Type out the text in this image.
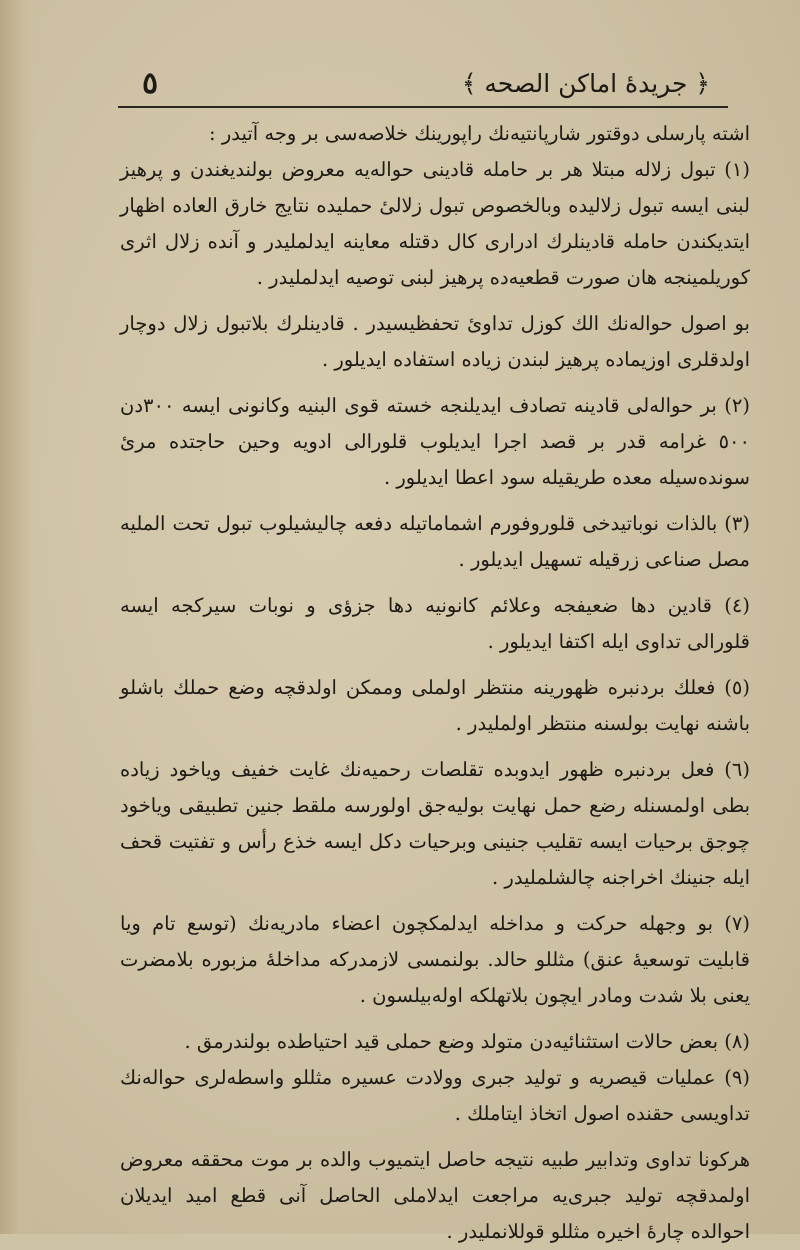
٥	﴿ جريدهٔ اماكن الصحه ﴾

اشته پارسلی دوقتور شارپانتیه‌نك راپورینك خلاصه‌سی بر وجه آتیدر :

(١) تبول زلاله مبتلا هر بر حامله قادینی حواله‌یه معروض بولندیغندن و پرهیز لبنی ایسه تبول زلالیده وبالخصوص تبول زلالیٔ حملیده نتایج خارق العاده اظهار ایتدیکندن حامله قادینلرك ادراری كال دقتله معاینه ایدلملیدر و آنده زلال اثری كوریلمینجه هان صورت قطعیه‌ده پرهیز لبنی توصیه ایدلملیدر .

بو اصول حواله‌نك الك كوزل تداویٔ تحفظیسیدر . قادینلرك بلاتبول زلال دوچار اولدقلری اوزیماده پرهیز لبندن زیاده استفاده ایدیلور .

(٢) بر حواله‌لی قادینه تصادف ایدیلنجه خسته قوی البنیه وكانونی ایسه ٣٠٠دن ٥٠٠ غرامه قدر بر قصد اجرا ایدیلوب قلورالی ادویه وحین حاجتده مریٔ سونده‌سیله معده طریقیله سود اعطا ایدیلور .

(٣) بالذات نوباتیدخی قلوروفورم اشماماتیله دفعه چالیشیلوب تبول تحت الملیه مصل صناعی زرقیله تسهیل ایدیلور .

(٤) قادین دها ضعیفجه وعلائم كانونیه دها جزؤی و نوبات سیركجه ایسه قلورالی تداوی ایله اكتفا ایدیلور .

(٥) فعلك بردنبره ظهورینه منتظر اولملی وممكن اولدقچه وضع حملك باشلو باشنه نهایت بولسنه منتظر اولملیدر .

(٦) فعل بردنبره ظهور ایدوبده تقلصات رحمیه‌نك غایت خفیف وياخود زياده بطی اولمسنله رضع حمل نهایت بولیه‌جق اولورسه ملقط جنین تطبیقی وياخود چوجق برحيات ایسه تقلیب جنینی وبرحیات دكل ایسه خذع رأس و تفتیت قحف ایله جنینك اخراجنه چالشلملیدر .

(٧) بو وجهله حركت و مداخله ایدلمكچون اعضاء مادریه‌نك (توسع تام ویا قابلیت توسعیهٔ عنق) مثللو حالد. بولنمسی لازمدركه مداخلهٔ مزبوره بلامضرت یعنی بلا شدت ومادر ایچون بلاتهلكه اوله‌بیلسون .

(٨) بعض حالات استثنائیه‌دن متولد وضع حملی قید احتیاطده بولندرمق .

(٩) عملیات قیصریه و تولید جبری وولادت عسیره مثللو واسطه‌لری حواله‌نك تداویسی حقنده اصول اتخاذ ایتاملك .

هركونا تداوی وتدابیر طبیه نتیجه حاصل ایتمیوب والده بر موت محققه معروض اولمدقچه تولید جبری‌یه مراجعت ایدلاملی الحاصل آنی قطع امید ایدیلان احوالده چارهٔ اخیره مثللو قوللانملیدر .
